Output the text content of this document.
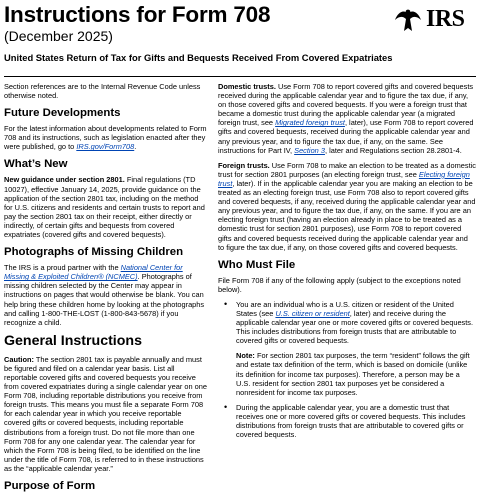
Instructions for Form 708
(December 2025)
IRS
United States Return of Tax for Gifts and Bequests Received From Covered Expatriates

Section references are to the Internal Revenue Code unless otherwise noted.

Future Developments

For the latest information about developments related to Form 708 and its instructions, such as legislation enacted after they were published, go to IRS.gov/Form708.

What’s New

New guidance under section 2801. Final regulations (TD 10027), effective January 14, 2025, provide guidance on the application of the section 2801 tax, including on the method for U.S. citizens and residents and certain trusts to report and pay the section 2801 tax on their receipt, either directly or indirectly, of certain gifts and bequests from covered expatriates (covered gifts and covered bequests).

Photographs of Missing Children

The IRS is a proud partner with the National Center for Missing & Exploited Children® (NCMEC). Photographs of missing children selected by the Center may appear in instructions on pages that would otherwise be blank. You can help bring these children home by looking at the photographs and calling 1-800-THE-LOST (1-800-843-5678) if you recognize a child.

General Instructions

Caution: The section 2801 tax is payable annually and must be figured and filed on a calendar year basis. List all reportable covered gifts and covered bequests you receive from covered expatriates during a single calendar year on one Form 708, including reportable distributions you receive from foreign trusts. This means you must file a separate Form 708 for each calendar year in which you receive reportable covered gifts or covered bequests, including reportable distributions from a foreign trust. Do not file more than one Form 708 for any one calendar year. The calendar year for which the Form 708 is being filed, to be identified on the line under the title of Form 708, is referred to in these instructions as the “applicable calendar year.”

Purpose of Form

Domestic trusts. Use Form 708 to report covered gifts and covered bequests received during the applicable calendar year and to figure the tax due, if any, on those covered gifts and covered bequests. If you were a foreign trust that became a domestic trust during the applicable calendar year (a migrated foreign trust, see Migrated foreign trust, later), use Form 708 to report covered gifts and covered bequests, received during the applicable calendar year and any previous year, and to figure the tax due, if any, on the same. See instructions for Part IV, Section 3, later and Regulations section 28.2801-4.

Foreign trusts. Use Form 708 to make an election to be treated as a domestic trust for section 2801 purposes (an electing foreign trust, see Electing foreign trust, later). If in the applicable calendar year you are making an election to be treated as an electing foreign trust, use Form 708 also to report covered gifts and covered bequests, if any, received during the applicable calendar year and any previous year, and to figure the tax due, if any, on the same. If you are an electing foreign trust (having an election already in place to be treated as a domestic trust for section 2801 purposes), use Form 708 to report covered gifts and covered bequests received during the applicable calendar year and to figure the tax due, if any, on those covered gifts and covered bequests.

Who Must File

File Form 708 if any of the following apply (subject to the exceptions noted below).

• You are an individual who is a U.S. citizen or resident of the United States (see U.S. citizen or resident, later) and receive during the applicable calendar year one or more covered gifts or covered bequests. This includes distributions from foreign trusts that are attributable to covered gifts or covered bequests.

Note: For section 2801 tax purposes, the term “resident” follows the gift and estate tax definition of the term, which is based on domicile (unlike its definition for income tax purposes). Therefore, a person may be a U.S. resident for section 2801 tax purposes yet be considered a nonresident for income tax purposes.

• During the applicable calendar year, you are a domestic trust that receives one or more covered gifts or covered bequests. This includes distributions from foreign trusts that are attributable to covered gifts or covered bequests.
